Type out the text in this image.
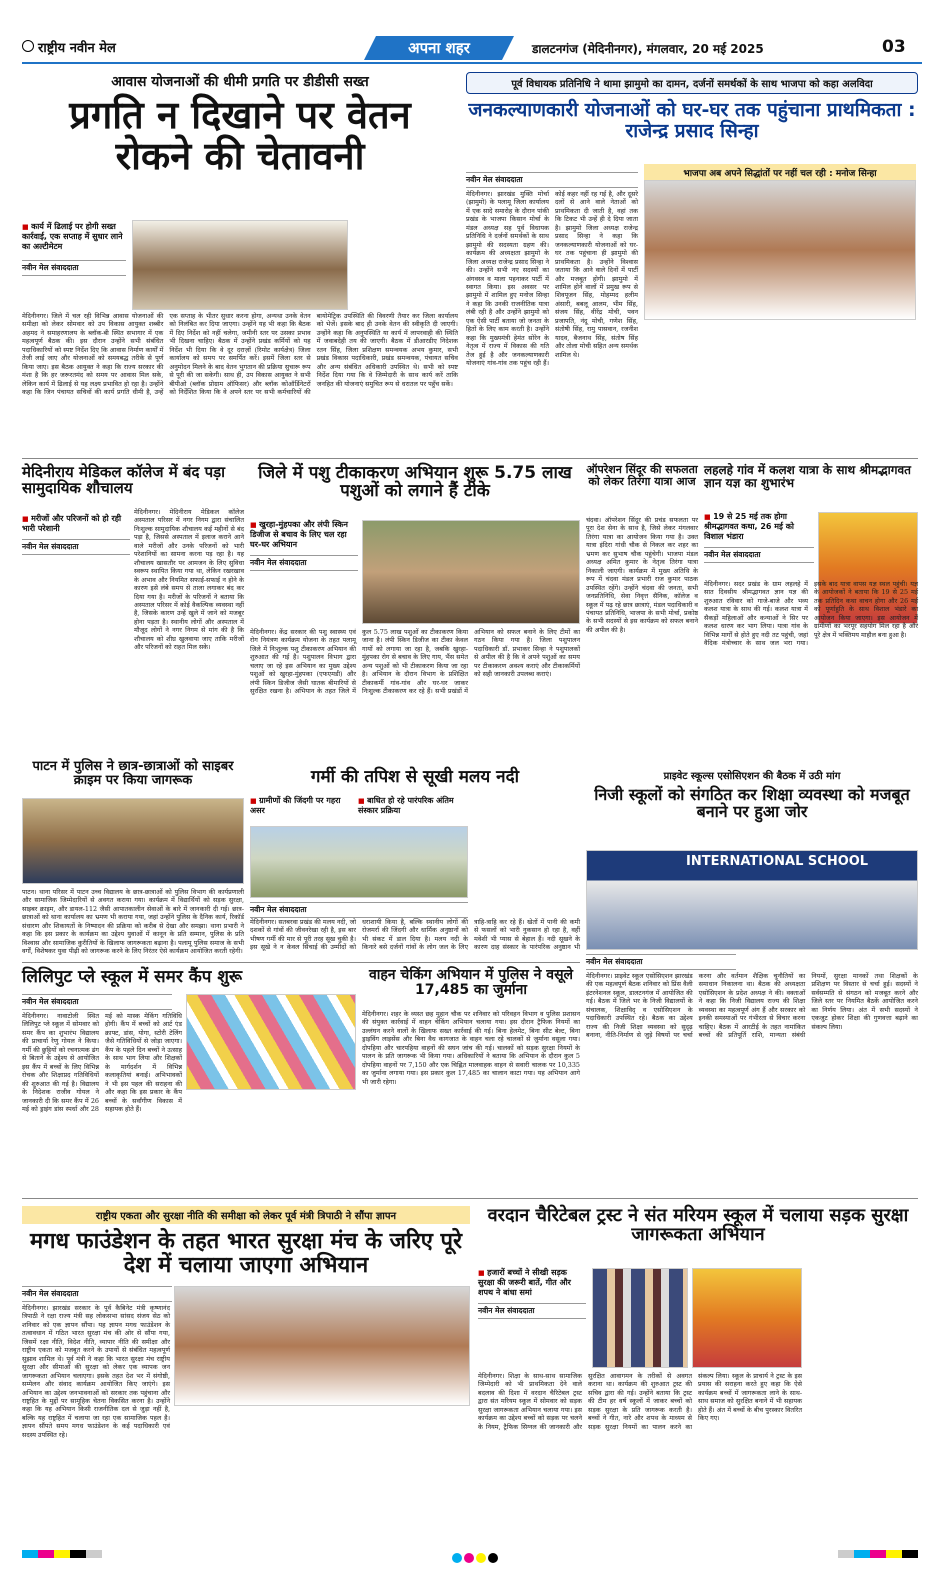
राष्ट्रीय नवीन मेल	अपना शहर	डालटनगंज (मेदिनीनगर), मंगलवार, 20 मई 2025	03
आवास योजनाओं की धीमी प्रगति पर डीडीसी सख्त
प्रगति न दिखाने पर वेतन रोकने की चेतावनी
■ कार्य में ढिलाई पर होगी सख्त कार्रवाई, एक सप्ताह में सुधार लाने का अल्टीमेटम
नवीन मेल संवाददाता
मेदिनीनगर। जिले में चल रही विभिन्न आवास योजनाओं की समीक्षा को लेकर सोमवार को उप विकास आयुक्त शब्बीर अहमद ने समाहरणालय के ब्लॉक-बी स्थित सभागार में एक महत्वपूर्ण बैठक की। इस दौरान उन्होंने सभी संबंधित पदाधिकारियों को स्पष्ट निर्देश दिए कि आवास निर्माण कार्यों में तेजी लाई जाए और योजनाओं को समयबद्ध तरीके से पूर्ण किया जाए। इस बैठक आयुक्त ने कहा कि राज्य सरकार की मंशा है कि हर जरूरतमंद को समय पर आवास मिल सके, लेकिन कार्य में ढिलाई से यह लक्ष्य प्रभावित हो रहा है। उन्होंने कहा कि जिन पंचायत सचिवों की कार्य प्रगति धीमी है, उन्हें एक सप्ताह के भीतर सुधार करना होगा, अन्यथा उनके वेतन को निलंबित कर दिया जाएगा। उन्होंने यह भी कहा कि बैठक में दिए निर्देश को नहीं चलेगा, जमीनी स्तर पर उसका प्रभाव भी दिखना चाहिए। बैठक में उन्होंने प्रखंड कर्मियों को यह निर्देश भी दिया कि वे दूर दराज़ों (रिमोट कार्यक्षेत्र) जिला कार्यालय को समय पर समर्पित करें। इसमें जिला स्तर से अनुमोदन मिलने के बाद वेतन भुगतान की प्रक्रिया सुचारू रूप से पूरी की जा सकेगी। साथ ही, उप विकास आयुक्त ने सभी बीपीओ (ब्लॉक प्रोग्राम ऑफिसर) और ब्लॉक कोऑर्डिनेटरों को निर्देशित किया कि वे अपने स्तर पर सभी कर्मचारियों की बायोमेट्रिक उपस्थिति की विवरणी तैयार कर जिला कार्यालय को भेजें। इसके बाद ही उनके वेतन की स्वीकृति दी जाएगी। उन्होंने कहा कि अनुपस्थिति या कार्य में लापरवाही की स्थिति में जवाबदेही तय की जाएगी। बैठक में डीआरडीए निदेशक रतन सिंह, जिला प्रशिक्षण समन्वयक अभय कुमार, सभी प्रखंड विकास पदाधिकारी, प्रखंड समन्वयक, पंचायत सचिव और अन्य संबंधित अधिकारी उपस्थित थे। सभी को स्पष्ट निर्देश दिया गया कि वे जिम्मेदारी के साथ कार्य करें ताकि जनहित की योजनाएं समुचित रूप से धरातल पर पहुँच सकें।
पूर्व विधायक प्रतिनिधि ने थामा झामुमो का दामन, दर्जनों समर्थकों के साथ भाजपा को कहा अलविदा
जनकल्याणकारी योजनाओं को घर-घर तक पहुंचाना प्राथमिकता : राजेन्द्र प्रसाद सिन्हा
भाजपा अब अपने सिद्धांतों पर नहीं चल रही : मनोज सिन्हा
नवीन मेल संवाददाता
मेदिनीनगर। झारखंड मुक्ति मोर्चा (झामुमो) के पलामू जिला कार्यालय में एक सादे समारोह के दौरान पांकी प्रखंड के भाजपा किसान मोर्चा के मंडल अध्यक्ष सह पूर्व विधायक प्रतिनिधि ने दर्जनों समर्थकों के साथ झामुमो की सदस्यता ग्रहण की। कार्यक्रम की अध्यक्षता झामुमो के जिला अध्यक्ष राजेन्द्र प्रसाद सिन्हा ने की। उन्होंने सभी नए सदस्यों का अंगवस्त्र व माला पहनाकर पार्टी में स्वागत किया। इस अवसर पर झामुमो में शामिल हुए मनोज सिन्हा ने कहा कि उनकी राजनीतिक यात्रा लंबी रही है और उन्होंने झामुमो को एक ऐसी पार्टी बताया जो जनता के हितों के लिए काम करती है। उन्होंने कहा कि मुख्यमंत्री हेमंत सोरेन के नेतृत्व में राज्य में विकास की गति तेज हुई है और जनकल्याणकारी योजनाएं गांव-गांव तक पहुंच रही हैं। कोई कहर नहीं रह गई है, और दूसरे दलों से आने वाले नेताओं को प्राथमिकता दी जाती है, वहां तक कि टिकट भी उन्हें ही दे दिया जाता है। झामुमो जिला अध्यक्ष राजेन्द्र प्रसाद सिन्हा ने कहा कि जनकल्याणकारी योजनाओं को घर-घर तक पहुंचाना ही झामुमो की प्राथमिकता है। उन्होंने विश्वास जताया कि आने वाले दिनों में पार्टी और मजबूत होगी। झामुमो में शामिल होने वालों में प्रमुख रूप से शिवपूजन सिंह, मोहम्मद हलीम अंसारी, बबलू आलम, भीम सिंह, संजय सिंह, वीरेंद्र मोची, पवन प्रजापति, नंदू मोची, गणेश सिंह, संतोषी सिंह, रामु पासवान, रजनीश यादव, बैजनाथ सिंह, संतोष सिंह और तोला मोची सहित अन्य समर्थक शामिल थे।
मेदिनीराय मेडिकल कॉलेज में बंद पड़ा सामुदायिक शौचालय
■ मरीजों और परिजनों को हो रही भारी परेशानी
नवीन मेल संवाददाता
मेदिनीनगर। मेदिनीराय मेडिकल कॉलेज अस्पताल परिसर में नगर निगम द्वारा संचालित निःशुल्क सामुदायिक शौचालय कई महीनों से बंद पड़ा है, जिससे अस्पताल में इलाज कराने आने वाले मरीजों और उनके परिजनों को भारी परेशानियों का सामना करना पड़ रहा है। यह शौचालय खासतौर पर आमजन के लिए सुविधा स्वरूप स्थापित किया गया था, लेकिन रखरखाव के अभाव और नियमित सफाई-सफाई न होने के कारण इसे लंबे समय से ताला लगाकर बंद कर दिया गया है। मरीजों के परिजनों ने बताया कि अस्पताल परिसर में कोई वैकल्पिक व्यवस्था नहीं है, जिसके कारण उन्हें खुले में जाने को मजबूर होना पड़ता है। स्थानीय लोगों और अस्पताल में मौजूद लोगों ने नगर निगम से मांग की है कि शौचालय को शीघ्र खुलवाया जाए ताकि मरीजों और परिजनों को राहत मिल सके।
पाटन में पुलिस ने छात्र-छात्राओं को साइबर क्राइम पर किया जागरूक
पाटन। थाना परिसर में पाटन उच्च विद्यालय के छात्र-छात्राओं को पुलिस विभाग की कार्यप्रणाली और सामाजिक जिम्मेदारियों से अवगत कराया गया। कार्यक्रम में विद्यार्थियों को सड़क सुरक्षा, साइबर क्राइम, और डायल-112 जैसी आपातकालीन सेवाओं के बारे में जानकारी दी गई। छात्र-छात्राओं को थाना कार्यालय का भ्रमण भी कराया गया, जहां उन्होंने पुलिस के दैनिक कार्य, रिकॉर्ड संधारण और शिकायतों के निष्पादन की प्रक्रिया को करीब से देखा और समझा। थाना प्रभारी ने कहा कि इस प्रकार के कार्यक्रम का उद्देश्य युवाओं में कानून के प्रति सम्मान, पुलिस के प्रति विश्वास और सामाजिक कुरीतियों के खिलाफ जागरूकता बढ़ाना है। पलामू पुलिस समाज के सभी वर्गों, विशेषकर युवा पीढ़ी को जागरूक करने के लिए निरंतर ऐसे कार्यक्रम आयोजित करती रहेगी।
जिले में पशु टीकाकरण अभियान शुरू 5.75 लाख पशुओं को लगाने हैं टीके
■ खुरहा-मुंहपका और लंपी स्किन डिजीज से बचाव के लिए चल रहा घर-घर अभियान
नवीन मेल संवाददाता
मेदिनीनगर। केंद्र सरकार की पशु स्वास्थ्य एवं रोग नियंत्रण कार्यक्रम योजना के तहत पलामू जिले में निःशुल्क पशु टीकाकरण अभियान की शुरुआत की गई है। पशुपालन विभाग द्वारा चलाए जा रहे इस अभियान का मुख्य उद्देश्य पशुओं को खुरहा-मुंहपका (एफएमडी) और लंपी स्किन डिजीज जैसी घातक बीमारियों से सुरक्षित रखना है। अभियान के तहत जिले में कुल 5.75 लाख पशुओं का टीकाकरण किया जाना है। लंपी स्किन डिजीज का टीका केवल गायों को लगाया जा रहा है, जबकि खुरहा-मुंहपका रोग से बचाव के लिए गाय, भैंस समेत अन्य पशुओं को भी टीकाकरण किया जा रहा है। अभियान के दौरान विभाग के प्रशिक्षित टीकाकर्मी गांव-गांव और घर-घर जाकर निःशुल्क टीकाकरण कर रहे हैं। सभी प्रखंडों में अभियान को सफल बनाने के लिए टीमों का गठन किया गया है। जिला पशुपालन पदाधिकारी डॉ. प्रभाकर सिन्हा ने पशुपालकों से अपील की है कि वे अपने पशुओं का समय पर टीकाकरण अवश्य कराएं और टीकाकर्मियों को सही जानकारी उपलब्ध कराएं।
गर्मी की तपिश से सूखी मलय नदी
■ ग्रामीणों की जिंदगी पर गहरा असर
■ बाधित हो रहे पारंपरिक अंतिम संस्कार प्रक्रिया
नवीन मेल संवाददाता
मेदिनीनगर। सतबरवा प्रखंड की मलय नदी, जो दशकों से गांवों की जीवनरेखा रही है, इस बार भीषण गर्मी की मार से पूरी तरह सूख चुकी है। इस सूखे ने न केवल सिंचाई की उम्मीदों को धराशायी किया है, बल्कि स्थानीय लोगों की रोजमर्रा की जिंदगी और धार्मिक अनुष्ठानों को भी संकट में डाल दिया है। मलय नदी के किनारे बसे दर्जनों गांवों के लोग जल के लिए त्राहि-त्राहि कर रहे हैं। खेतों में पानी की कमी से फसलों को भारी नुकसान हो रहा है, वहीं मवेशी भी प्यास से बेहाल हैं। नदी सूखने के कारण दाह संस्कार के पारंपरिक अनुष्ठान भी
ऑपरेशन सिंदूर की सफलता को लेकर तिरंगा यात्रा आज
चंदवा। ऑपरेशन सिंदूर की प्रचंड सफलता पर पूरा देश सेना के साथ है, जिसे लेकर मंगलवार तिरंगा यात्रा का आयोजन किया गया है। उक्त यात्रा इंदिरा गांधी चौक से निकल कर शहर का भ्रमण कर सुभाष चौक पहुंचेगी। भाजपा मंडल अध्यक्ष अमित कुमार के नेतृत्व तिरंगा यात्रा निकाली जाएगी। कार्यक्रम में मुख्य अतिथि के रूप में चंदवा मंडल प्रभारी राज कुमार पाठक उपस्थित रहेंगे। उन्होंने चंदवा की जनता, सभी जनप्रतिनिधि, सेवा निवृत्त सैनिक, कॉलेज व स्कूल में पढ़ रहे छात्र छात्राएं, मंडल पदाधिकारी व पंचायत प्रतिनिधि, भाजपा के सभी मोर्चा, प्रकोष्ठ के सभी सदस्यों से इस कार्यक्रम को सफल बनाने की अपील की है।
लहलहे गांव में कलश यात्रा के साथ श्रीमद्भागवत ज्ञान यज्ञ का शुभारंभ
■ 19 से 25 मई तक होगा श्रीमद्भागवत कथा, 26 मई को विशाल भंडारा
नवीन मेल संवाददाता
मेदिनीनगर। सदर प्रखंड के ग्राम लहलहे में सात दिवसीय श्रीमद्भागवत ज्ञान यज्ञ की शुरुआत रविवार को गाजे-बाजे और भव्य कलश यात्रा के साथ की गई। कलश यात्रा में सैकड़ों महिलाओं और कन्याओं ने सिर पर कलश धारण कर भाग लिया। यात्रा गांव के विभिन्न मार्गों से होते हुए नदी तट पहुंची, जहां वैदिक मंत्रोच्चार के साथ जल भरा गया। इसके बाद यात्रा वापस यज्ञ स्थल पहुंची। यज्ञ के आयोजकों ने बताया कि 19 से 25 मई तक प्रतिदिन कथा वाचन होगा और 26 मई को पूर्णाहुति के साथ विशाल भंडारे का आयोजन किया जाएगा। इस आयोजन में ग्रामीणों का भरपूर सहयोग मिल रहा है और पूरे क्षेत्र में भक्तिमय माहौल बना हुआ है।
प्राइवेट स्कूल्स एसोसिएशन की बैठक में उठी मांग
निजी स्कूलों को संगठित कर शिक्षा व्यवस्था को मजबूत बनाने पर हुआ जोर
INTERNATIONAL SCHOOL
नवीन मेल संवाददाता
मेदिनीनगर। प्राइवेट स्कूल एसोसिएशन झारखंड की एक महत्वपूर्ण बैठक शनिवार को प्रिंस वैली इंटरनेशनल स्कूल, डालटनगंज में आयोजित की गई। बैठक में जिले भर के निजी विद्यालयों के संचालक, शिक्षाविद् व एसोसिएशन के पदाधिकारी उपस्थित रहे। बैठक का उद्देश्य राज्य की निजी शिक्षा व्यवस्था को सुदृढ़ बनाना, नीति-निर्माण से जुड़े विषयों पर चर्चा करना और वर्तमान शैक्षिक चुनौतियों का समाधान निकालना था। बैठक की अध्यक्षता एसोसिएशन के प्रदेश अध्यक्ष ने की। वक्ताओं ने कहा कि निजी विद्यालय राज्य की शिक्षा व्यवस्था का महत्वपूर्ण अंग हैं और सरकार को इनकी समस्याओं पर गंभीरता से विचार करना चाहिए। बैठक में आरटीई के तहत नामांकित बच्चों की प्रतिपूर्ति राशि, मान्यता संबंधी नियमों, सुरक्षा मानकों तथा शिक्षकों के प्रशिक्षण पर विस्तार से चर्चा हुई। सदस्यों ने सर्वसम्मति से संगठन को मजबूत करने और जिले स्तर पर नियमित बैठकें आयोजित करने का निर्णय लिया। अंत में सभी सदस्यों ने एकजुट होकर शिक्षा की गुणवत्ता बढ़ाने का संकल्प लिया।
लिलिपुट प्ले स्कूल में समर कैंप शुरू
नवीन मेल संवाददाता
मेदिनीनगर। नावाटोली स्थित लिलिपुट प्ले स्कूल में सोमवार को समर कैंप का शुभारंभ विद्यालय की प्राचार्या रेणु गोयल ने किया। गर्मी की छुट्टियों को रचनात्मक ढंग से बिताने के उद्देश्य से आयोजित इस कैंप में बच्चों के लिए विभिन्न रोचक और शिक्षाप्रद गतिविधियों की शुरुआत की गई है। विद्यालय के निदेशक राजीव गोयल ने जानकारी दी कि समर कैंप में 26 मई को ड्राइंग डांस स्पर्धा और 28 मई को मास्क मेकिंग गतिविधि होगी। कैंप में बच्चों को आर्ट एंड क्राफ्ट, डांस, योगा, स्टोरी टेलिंग जैसे गतिविधियों से जोड़ा जाएगा। कैंप के पहले दिन बच्चों ने उत्साह के साथ भाग लिया और शिक्षकों के मार्गदर्शन में विभिन्न कलाकृतियां बनाईं। अभिभावकों ने भी इस पहल की सराहना की और कहा कि इस प्रकार के कैंप बच्चों के सर्वांगीण विकास में सहायक होते हैं।
वाहन चेकिंग अभियान में पुलिस ने वसूले 17,485 का जुर्माना
मेदिनीनगर। शहर के व्यस्त छह मुहान चौक पर शनिवार को परिवहन विभाग व पुलिस प्रशासन की संयुक्त कार्रवाई में वाहन चेकिंग अभियान चलाया गया। इस दौरान ट्रैफिक नियमों का उल्लंघन करने वालों के खिलाफ सख्त कार्रवाई की गई। बिना हेलमेट, बिना सीट बेल्ट, बिना ड्राइविंग लाइसेंस और बिना वैध कागजात के वाहन चला रहे चालकों से जुर्माना वसूला गया। दोपहिया और चारपहिया वाहनों की सघन जांच की गई। चालकों को सड़क सुरक्षा नियमों के पालन के प्रति जागरूक भी किया गया। अधिकारियों ने बताया कि अभियान के दौरान कुल 5 दोपहिया वाहनों पर 7,150 और एक चिह्नित मालवाहक वाहन से सवारी चालक पर 10,335 का जुर्माना लगाया गया। इस प्रकार कुल 17,485 का चालान काटा गया। यह अभियान आगे भी जारी रहेगा।
राष्ट्रीय एकता और सुरक्षा नीति की समीक्षा को लेकर पूर्व मंत्री त्रिपाठी ने सौंपा ज्ञापन
मगध फाउंडेशन के तहत भारत सुरक्षा मंच के जरिए पूरे देश में चलाया जाएगा अभियान
नवीन मेल संवाददाता
मेदिनीनगर। झारखंड सरकार के पूर्व कैबिनेट मंत्री कृष्णानंद त्रिपाठी ने रक्षा राज्य मंत्री सह लोकसभा सांसद संजय सेठ को शनिवार को एक ज्ञापन सौंपा। यह ज्ञापन मगध फाउंडेशन के तत्वावधान में गठित भारत सुरक्षा मंच की ओर से सौंपा गया, जिसमें रक्षा नीति, विदेश नीति, व्यापार नीति की समीक्षा और राष्ट्रीय एकता को मजबूत करने के उपायों से संबंधित महत्वपूर्ण सुझाव शामिल थे। पूर्व मंत्री ने कहा कि भारत सुरक्षा मंच राष्ट्रीय सुरक्षा और सीमाओं की सुरक्षा को लेकर एक व्यापक जन जागरूकता अभियान चलाएगा। इसके तहत देश भर में संगोष्ठी, सम्मेलन और संवाद कार्यक्रम आयोजित किए जाएंगे। इस अभियान का उद्देश्य जनभावनाओं को सरकार तक पहुंचाना और राष्ट्रहित के मुद्दों पर सामूहिक चेतना विकसित करना है। उन्होंने कहा कि यह अभियान किसी राजनीतिक दल से जुड़ा नहीं है, बल्कि यह राष्ट्रहित में चलाया जा रहा एक सामाजिक पहल है। ज्ञापन सौंपते समय मगध फाउंडेशन के कई पदाधिकारी एवं सदस्य उपस्थित रहे।
वरदान चैरिटेबल ट्रस्ट ने संत मरियम स्कूल में चलाया सड़क सुरक्षा जागरूकता अभियान
■ हजारों बच्चों ने सीखी सड़क सुरक्षा की जरूरी बातें, गीत और शपथ ने बांधा समां
नवीन मेल संवाददाता
मेदिनीनगर। शिक्षा के साथ-साथ सामाजिक जिम्मेदारी को भी प्राथमिकता देने वाले बदलाव की दिशा में वरदान चैरिटेबल ट्रस्ट द्वारा संत मरियम स्कूल में सोमवार को सड़क सुरक्षा जागरूकता अभियान चलाया गया। इस कार्यक्रम का उद्देश्य बच्चों को सड़क पर चलने के नियम, ट्रैफिक सिग्नल की जानकारी और सुरक्षित आवागमन के तरीकों से अवगत कराना था। कार्यक्रम की शुरुआत ट्रस्ट की सचिव द्वारा की गई। उन्होंने बताया कि ट्रस्ट की टीम हर वर्ष स्कूलों में जाकर बच्चों को सड़क सुरक्षा के प्रति जागरूक करती है। बच्चों ने गीत, नारे और शपथ के माध्यम से सड़क सुरक्षा नियमों का पालन करने का संकल्प लिया। स्कूल के प्राचार्य ने ट्रस्ट के इस प्रयास की सराहना करते हुए कहा कि ऐसे कार्यक्रम बच्चों में जागरूकता लाने के साथ-साथ समाज को सुरक्षित बनाने में भी सहायक होते हैं। अंत में बच्चों के बीच पुरस्कार वितरित किए गए।
